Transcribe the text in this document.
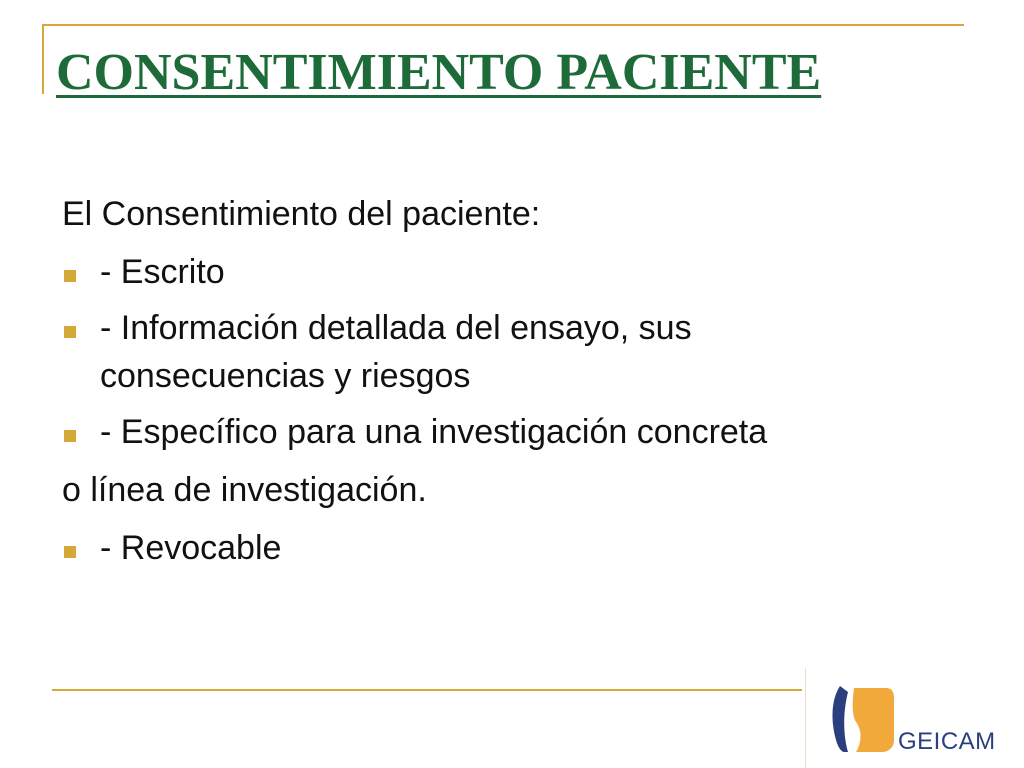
CONSENTIMIENTO PACIENTE

El Consentimiento del paciente:

- Escrito
- Información detallada del ensayo, sus consecuencias y riesgos
- Específico para una investigación concreta

o línea de investigación.

- Revocable
GEICAM
